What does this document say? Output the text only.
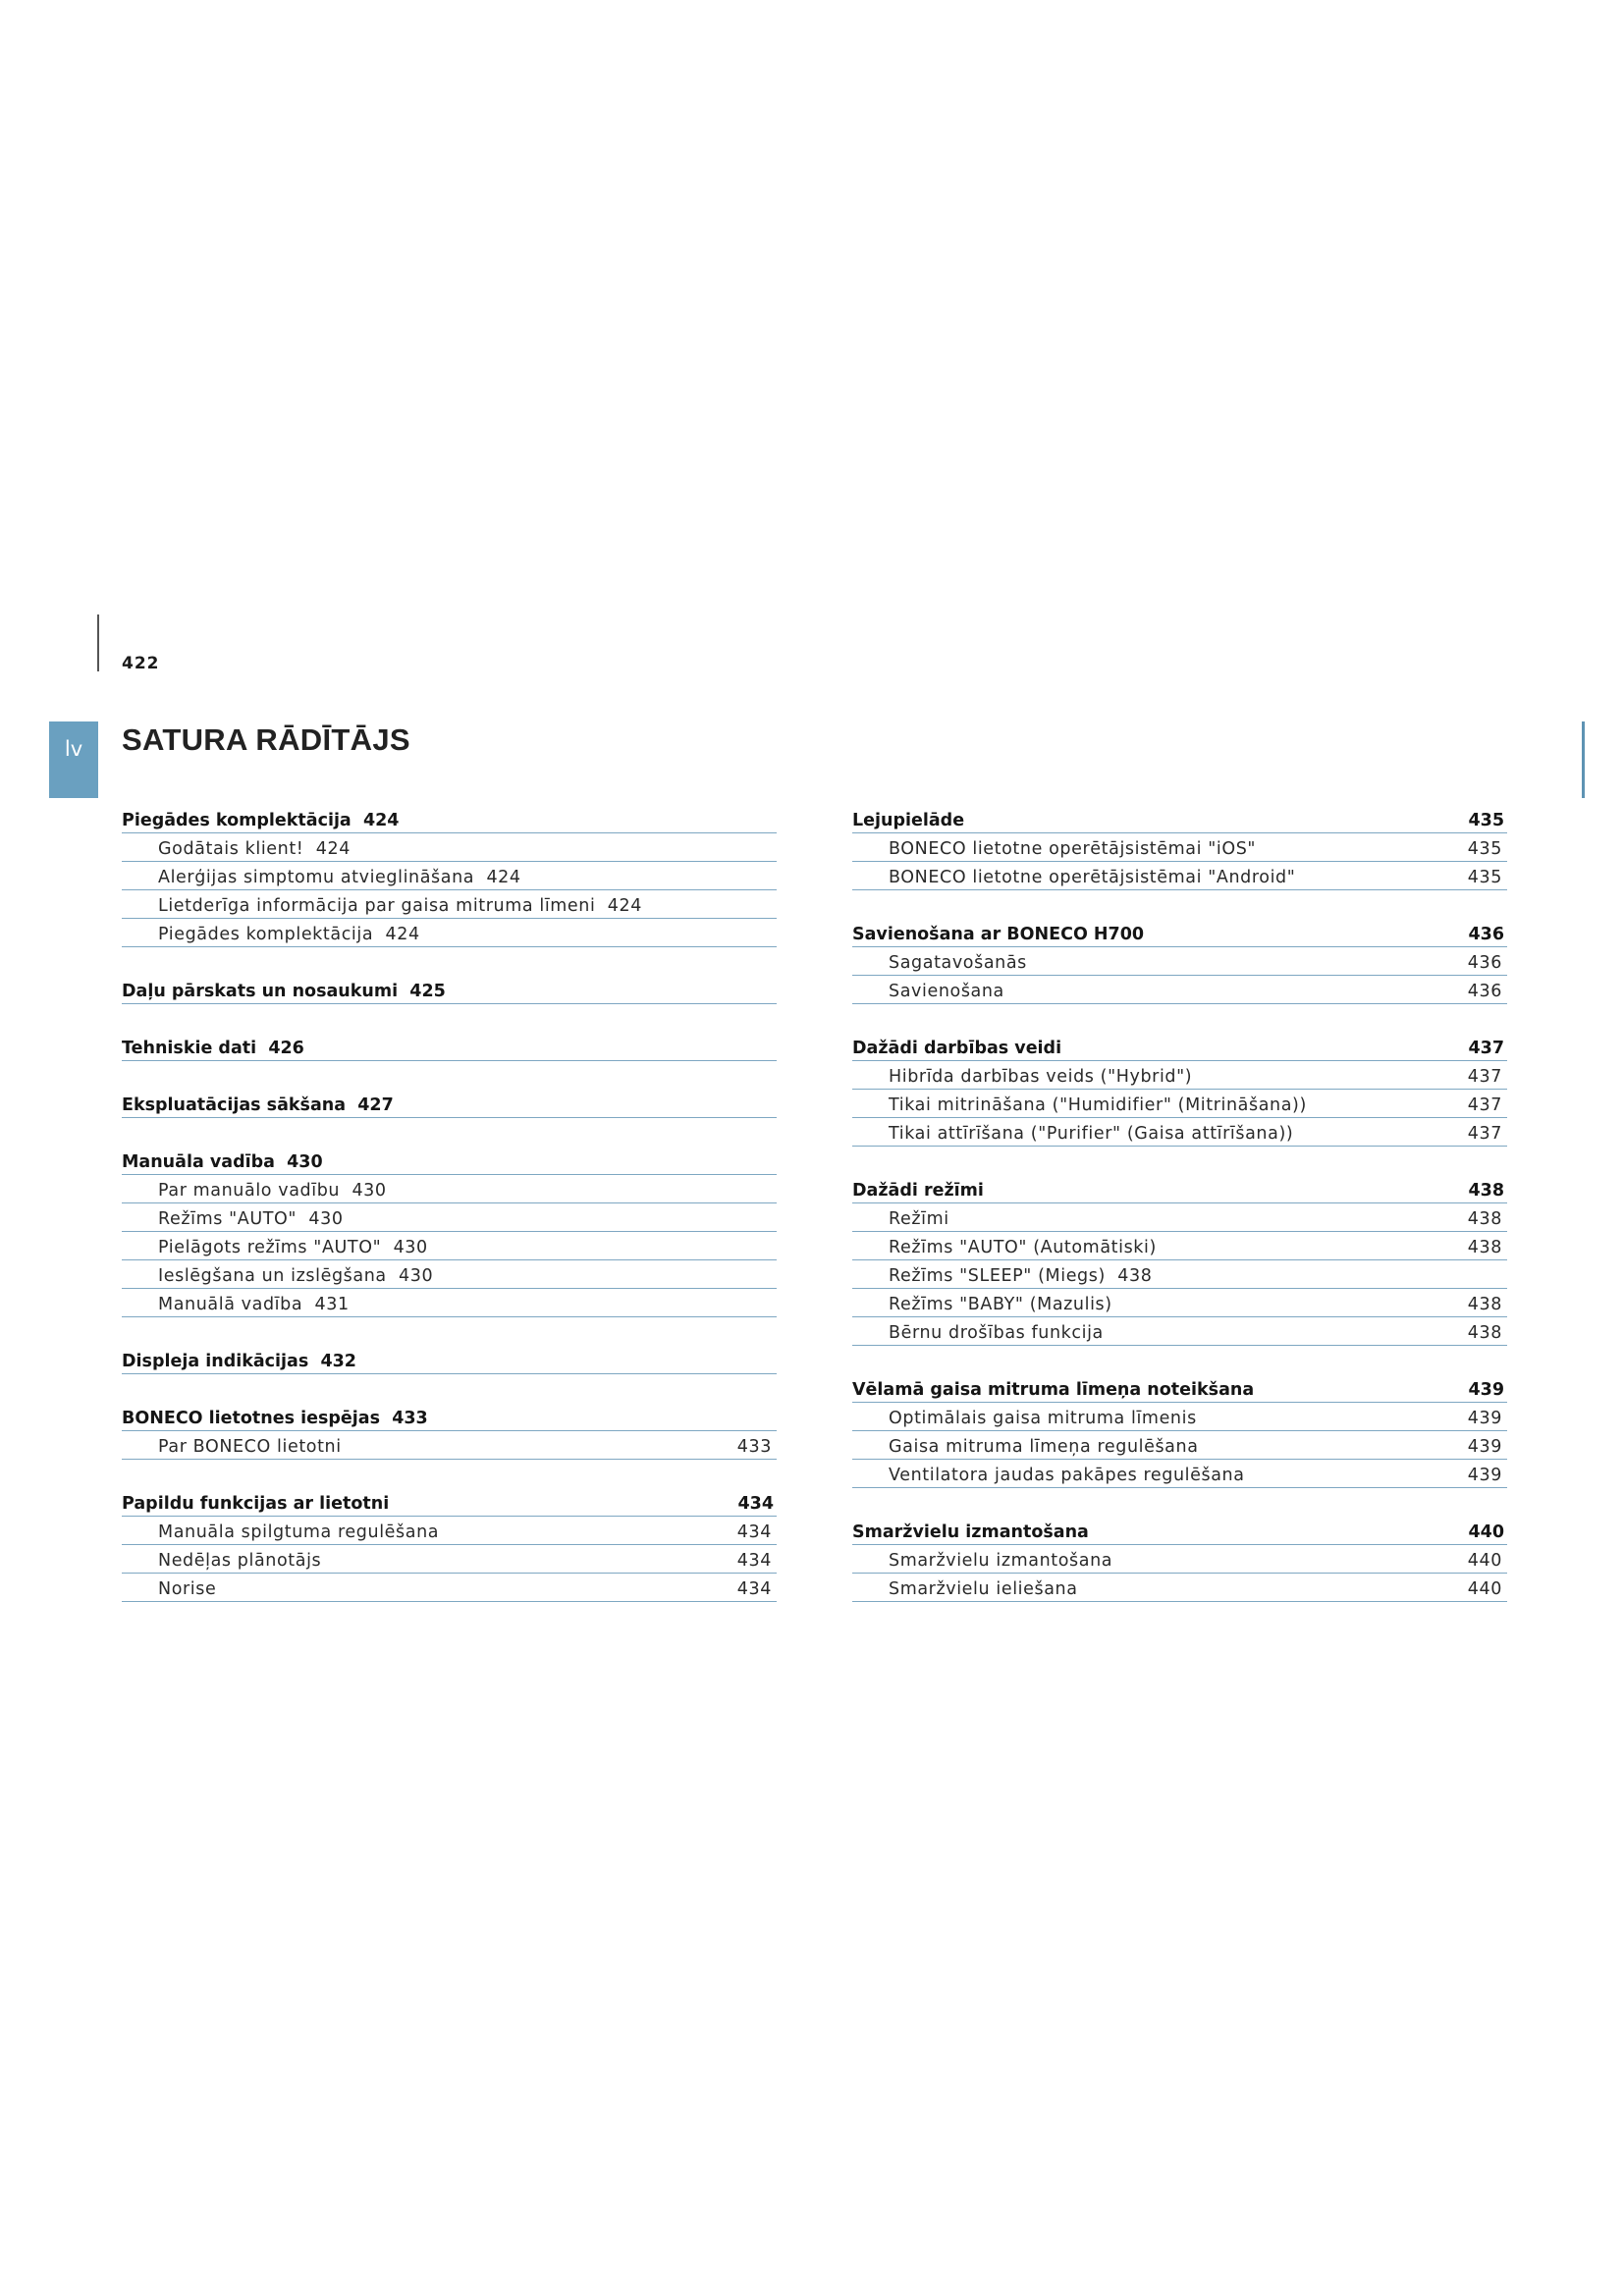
422
lv	SATURA RĀDĪTĀJS
Piegādes komplektācija 424
Godātais klient! 424
Alerģijas simptomu atvieglināšana 424
Lietderīga informācija par gaisa mitruma līmeni 424
Piegādes komplektācija 424
Daļu pārskats un nosaukumi 425
Tehniskie dati 426
Ekspluatācijas sākšana 427
Manuāla vadība 430
Par manuālo vadību 430
Režīms "AUTO" 430
Pielāgots režīms "AUTO" 430
Ieslēgšana un izslēgšana 430
Manuālā vadība 431
Displeja indikācijas 432
BONECO lietotnes iespējas 433
Par BONECO lietotni	433
Papildu funkcijas ar lietotni	434
Manuāla spilgtuma regulēšana	434
Nedēļas plānotājs	434
Norise	434
Lejupielāde	435
BONECO lietotne operētājsistēmai "iOS"	435
BONECO lietotne operētājsistēmai "Android"	435
Savienošana ar BONECO H700	436
Sagatavošanās	436
Savienošana	436
Dažādi darbības veidi	437
Hibrīda darbības veids ("Hybrid")	437
Tikai mitrināšana ("Humidifier" (Mitrināšana))	437
Tikai attīrīšana ("Purifier" (Gaisa attīrīšana))	437
Dažādi režīmi	438
Režīmi	438
Režīms "AUTO" (Automātiski)	438
Režīms "SLEEP" (Miegs) 438
Režīms "BABY" (Mazulis)	438
Bērnu drošības funkcija	438
Vēlamā gaisa mitruma līmeņa noteikšana	439
Optimālais gaisa mitruma līmenis	439
Gaisa mitruma līmeņa regulēšana	439
Ventilatora jaudas pakāpes regulēšana	439
Smaržvielu izmantošana	440
Smaržvielu izmantošana	440
Smaržvielu ieliešana	440
